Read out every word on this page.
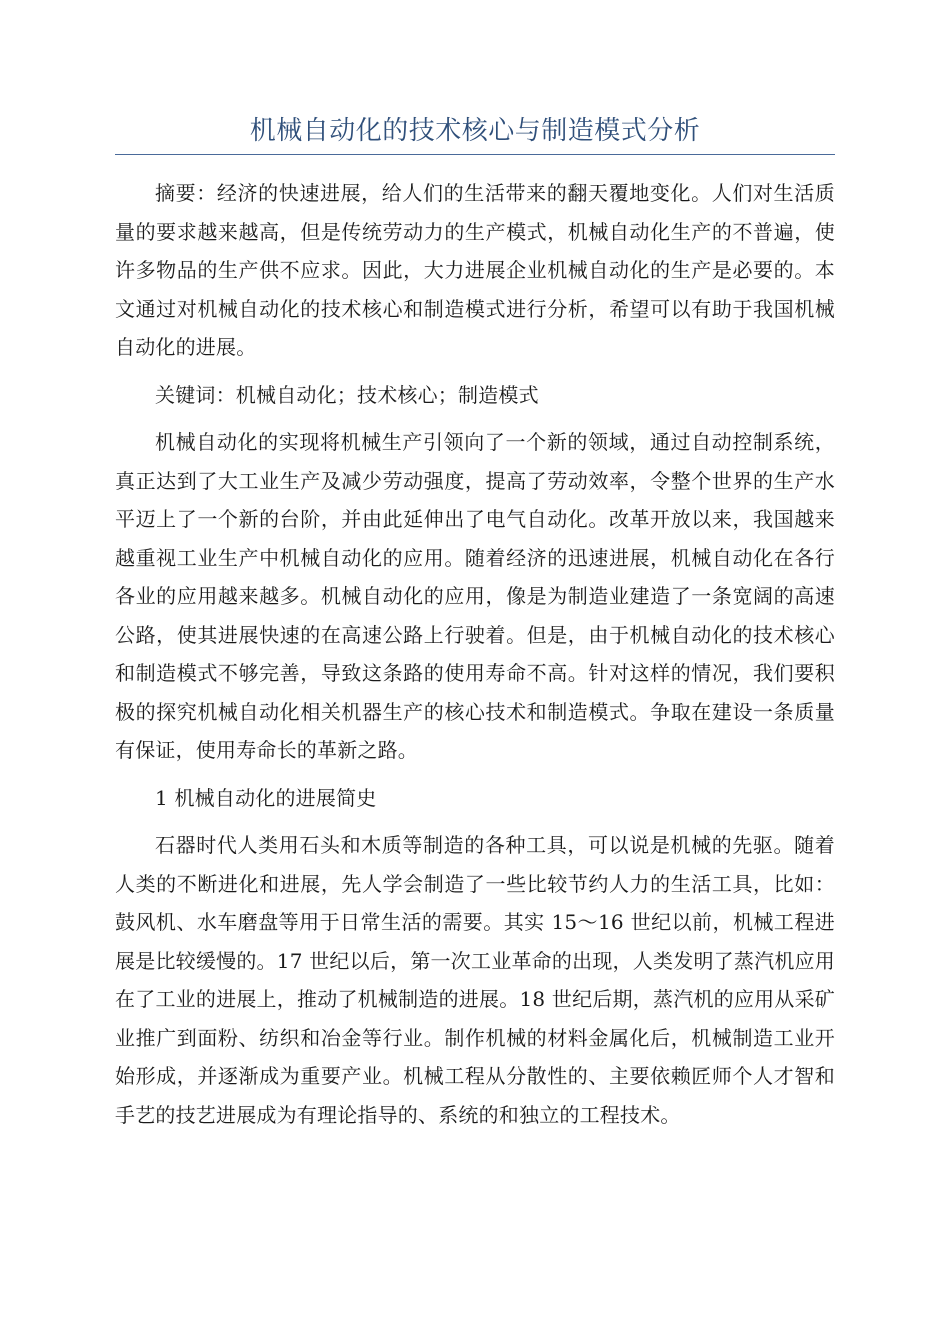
机械自动化的技术核心与制造模式分析

摘要：经济的快速进展，给人们的生活带来的翻天覆地变化。人们对生活质量的要求越来越高，但是传统劳动力的生产模式，机械自动化生产的不普遍，使许多物品的生产供不应求。因此，大力进展企业机械自动化的生产是必要的。本文通过对机械自动化的技术核心和制造模式进行分析，希望可以有助于我国机械自动化的进展。

关键词：机械自动化；技术核心；制造模式

机械自动化的实现将机械生产引领向了一个新的领域，通过自动控制系统，真正达到了大工业生产及减少劳动强度，提高了劳动效率，令整个世界的生产水平迈上了一个新的台阶，并由此延伸出了电气自动化。改革开放以来，我国越来越重视工业生产中机械自动化的应用。随着经济的迅速进展，机械自动化在各行各业的应用越来越多。机械自动化的应用，像是为制造业建造了一条宽阔的高速公路，使其进展快速的在高速公路上行驶着。但是，由于机械自动化的技术核心和制造模式不够完善，导致这条路的使用寿命不高。针对这样的情况，我们要积极的探究机械自动化相关机器生产的核心技术和制造模式。争取在建设一条质量有保证，使用寿命长的革新之路。

1 机械自动化的进展简史

石器时代人类用石头和木质等制造的各种工具，可以说是机械的先驱。随着人类的不断进化和进展，先人学会制造了一些比较节约人力的生活工具，比如：鼓风机、水车磨盘等用于日常生活的需要。其实 15～16 世纪以前，机械工程进展是比较缓慢的。17 世纪以后，第一次工业革命的出现，人类发明了蒸汽机应用在了工业的进展上，推动了机械制造的进展。18 世纪后期，蒸汽机的应用从采矿业推广到面粉、纺织和冶金等行业。制作机械的材料金属化后，机械制造工业开始形成，并逐渐成为重要产业。机械工程从分散性的、主要依赖匠师个人才智和手艺的技艺进展成为有理论指导的、系统的和独立的工程技术。
